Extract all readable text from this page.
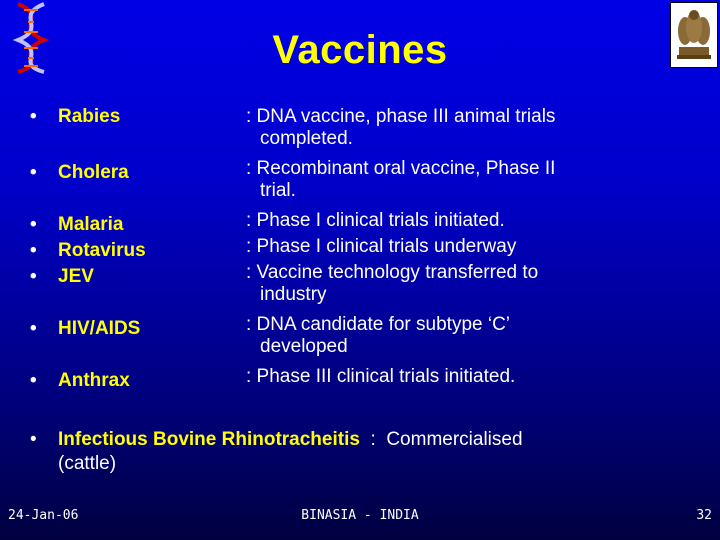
Vaccines
• Rabies
• Cholera
• Malaria
• Rotavirus
• JEV
• HIV/AIDS
• Anthrax
: DNA vaccine, phase III animal trials
completed.
: Recombinant oral vaccine, Phase II
trial.
: Phase I clinical trials initiated.
: Phase I clinical trials underway
: Vaccine technology transferred to
industry
: DNA candidate for subtype ‘C’
developed
: Phase III clinical trials initiated.
• Infectious Bovine Rhinotracheitis  :  Commercialised
(cattle)
24-Jan-06	BINASIA - INDIA	32
